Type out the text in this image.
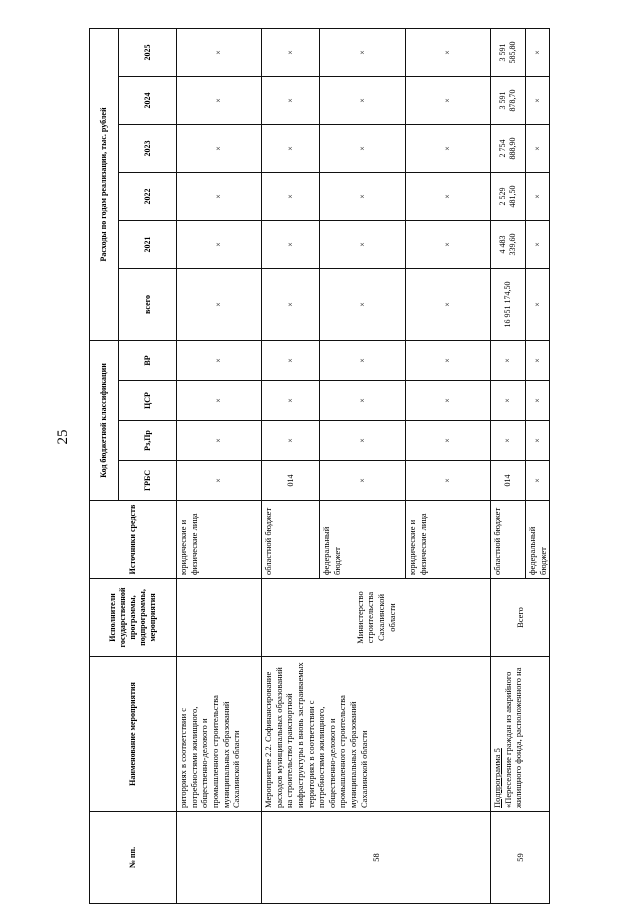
25
№ пп.	Наименование мероприятия	Исполнители государственной программы, подпрограммы, мероприятия	Источники средств	Код бюджетной классификации				Расходы по годам реализации, тыс. рублей					
				ГРБС	Рз,Пр	ЦСР	ВР	всего	2021	2022	2023	2024	2025
	риторриях в соответствии с потребностями жилищного, общественно-делового и промышленного строительства муниципальных образований Сахалинской области		юридические и физические лица	×	×	×	×	×	×	×	×	×	×
58	Мероприятие 2.2. Софинансирование расходов муниципальных образований на строительство транспортной инфраструктуры в вновь застраиваемых территориях в соответствии с потребностями жилищного, общественно-делового и промышленного строительства муниципальных образований Сахалинской области	Министерство строительства Сахалинской области	областной бюджет	014	×	×	×	×	×	×	×	×	×
			федеральный бюджет	×	×	×	×	×	×	×	×	×	×
			юридические и физические лица	×	×	×	×	×	×	×	×	×	×
59	Подпрограмма 5
«Переселение граждан из аварийного жилищного фонда, расположенного на	Всего	областной бюджет	014	×	×	×	16 951 174,50	4 483 339,60	2 529 481,50	2 754 888,90	3 591 878,70	3 591 585,80
			федеральный бюджет	×	×	×	×	×	×	×	×	×	×
